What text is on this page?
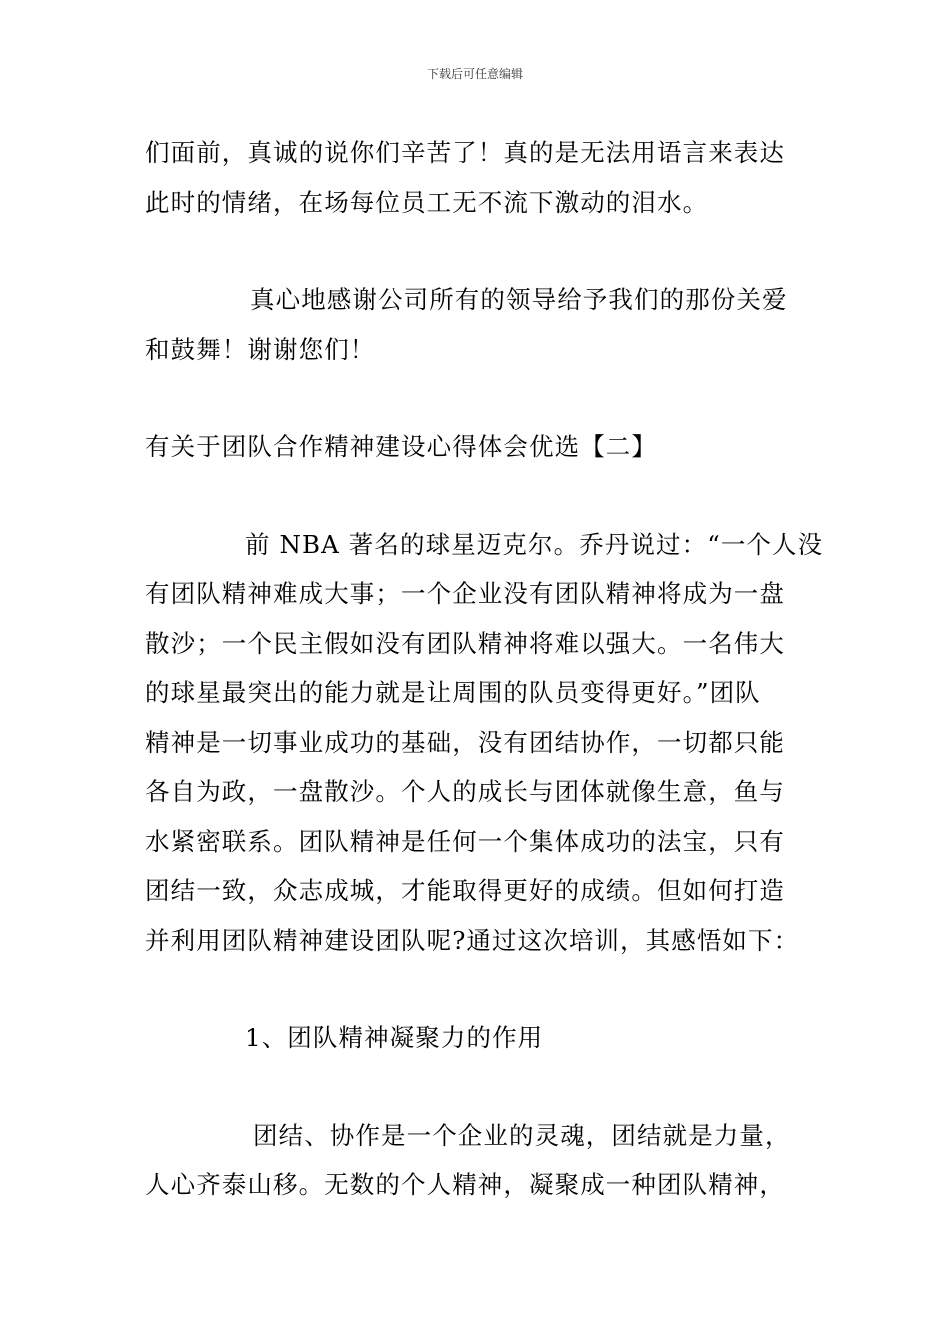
下载后可任意编辑

们面前，真诚的说你们辛苦了！真的是无法用语言来表达
此时的情绪，在场每位员工无不流下激动的泪水。

真心地感谢公司所有的领导给予我们的那份关爱
和鼓舞！谢谢您们！

有关于团队合作精神建设心得体会优选【二】

前 NBA 著名的球星迈克尔。乔丹说过：“一个人没
有团队精神难成大事；一个企业没有团队精神将成为一盘
散沙；一个民主假如没有团队精神将难以强大。一名伟大
的球星最突出的能力就是让周围的队员变得更好。”团队
精神是一切事业成功的基础，没有团结协作，一切都只能
各自为政，一盘散沙。个人的成长与团体就像生意，鱼与
水紧密联系。团队精神是任何一个集体成功的法宝，只有
团结一致，众志成城，才能取得更好的成绩。但如何打造
并利用团队精神建设团队呢?通过这次培训，其感悟如下：

1、团队精神凝聚力的作用

团结、协作是一个企业的灵魂，团结就是力量，
人心齐泰山移。无数的个人精神，凝聚成一种团队精神，
